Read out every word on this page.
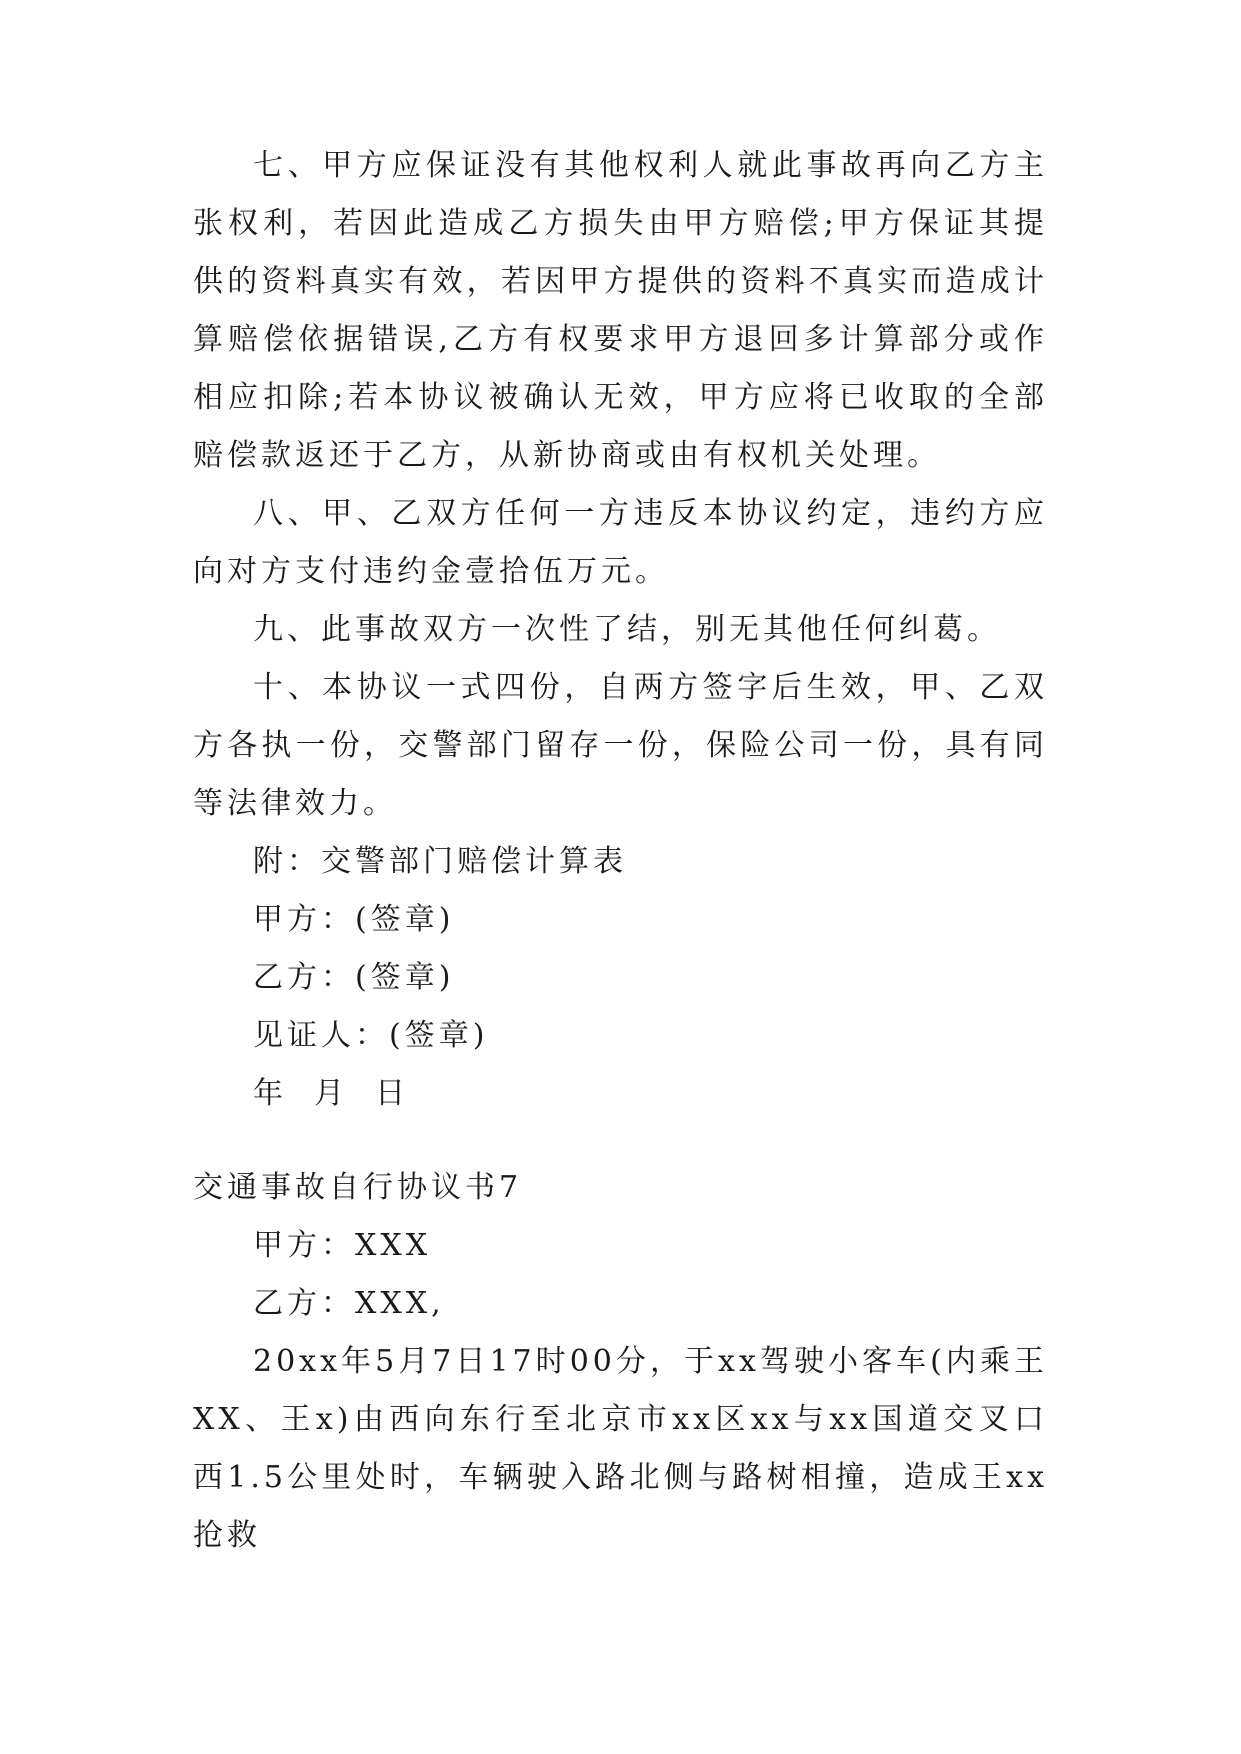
七、甲方应保证没有其他权利人就此事故再向乙方主张权利，若因此造成乙方损失由甲方赔偿;甲方保证其提供的资料真实有效，若因甲方提供的资料不真实而造成计算赔偿依据错误,乙方有权要求甲方退回多计算部分或作相应扣除;若本协议被确认无效，甲方应将已收取的全部赔偿款返还于乙方，从新协商或由有权机关处理。

八、甲、乙双方任何一方违反本协议约定，违约方应向对方支付违约金壹拾伍万元。

九、此事故双方一次性了结，别无其他任何纠葛。

十、本协议一式四份，自两方签字后生效，甲、乙双方各执一份，交警部门留存一份，保险公司一份，具有同等法律效力。

附：交警部门赔偿计算表

甲方：(签章)

乙方：(签章)

见证人：(签章)

年  月  日

交通事故自行协议书7

甲方：XXX

乙方：XXX,

20xx年5月7日17时00分，于xx驾驶小客车(内乘王XX、王x)由西向东行至北京市xx区xx与xx国道交叉口西1.5公里处时，车辆驶入路北侧与路树相撞，造成王xx抢救
